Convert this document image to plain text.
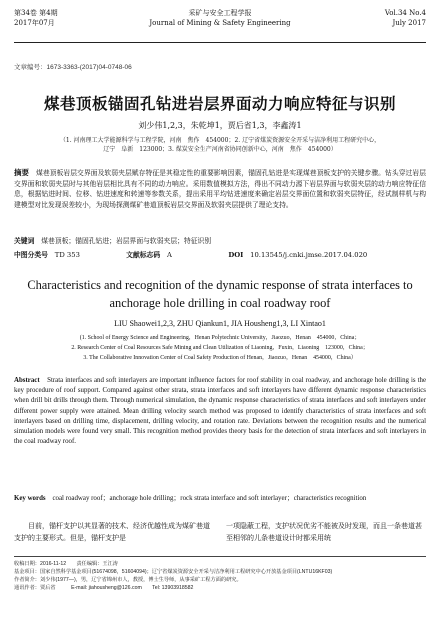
第34卷 第4期
2017年07月
采矿与安全工程学报
Journal of Mining & Safety Engineering
Vol.34 No.4
July 2017
文章编号：1673-3363-(2017)04-0748-06
煤巷顶板锚固孔钻进岩层界面动力响应特征与识别
刘少伟1,2,3，朱乾坤1，贾后省1,3，李鑫涛1
（1. 河南理工大学能源科学与工程学院，河南　焦作　454000；2. 辽宁省煤炭资源安全开采与洁净利用工程研究中心，
辽宁　阜新　123000；3. 煤炭安全生产河南省协同创新中心，河南　焦作　454000）
摘要　 煤巷顶板岩层交界面及软弱夹层赋存特征是其稳定性的重要影响因素，锚固孔钻进是实现煤巷顶板支护的关键步骤。钻头穿过岩层交界面和软弱夹层时与其他岩层相比具有不同的动力响应。采用数值模拟方法，得出不同动力源下岩层界面与软弱夹层的动力响应特征信息，根据钻进时间、位移、钻进速度和转速等参数关系，提出采用平均钻进速度来确定岩层交界面位置和软弱夹层特征，经试制样机与构建模型对比发现误差较小，为现场探测煤矿巷道顶板岩层交界面及软弱夹层提供了理论支持。
关键词　 煤巷顶板；锚固孔钻进；岩层界面与软弱夹层；特征识别
中图分类号　 TD 353	文献标志码　 A	DOI　 10.13545/j.cnki.jmse.2017.04.020
Characteristics and recognition of the dynamic response of strata interfaces to anchorage hole drilling in coal roadway roof
LIU Shaowei1,2,3, ZHU Qiankun1, JIA Housheng1,3, LI Xintao1
(1. School of Energy Science and Engineering，Henan Polytechnic University，Jiaozuo，Henan　454000，China；
2. Research Center of Coal Resources Safe Mining and Clean Utilization of Liaoning，Fuxin，Liaoning　123000，China；
3. The Collaborative Innovation Center of Coal Safety Production of Henan，Jiaozuo，Henan　454000，China）
Abstract　 Strata interfaces and soft interlayers are important influence factors for roof stability in coal roadway, and anchorage hole drilling is the key procedure of roof support. Compared against other strata, strata interfaces and soft interlayers have different dynamic response characteristics when drill bit drills through them. Through numerical simulation, the dynamic response characteristics of strata interfaces and soft interlayers under different power supply were attained. Mean drilling velocity search method was proposed to identify characteristics of strata interfaces and soft interlayers based on drilling time, displacement, drilling velocity, and rotation rate. Deviations between the recognition results and the numerical simulation models were found very small. This recognition method provides theory basis for the detection of strata interfaces and soft interlayers in the coal roadway roof.
Key words　 coal roadway roof；anchorage hole drilling；rock strata interface and soft interlayer；characteristics recognition
　　目前，锚杆支护以其显著的技术、经济优越性成为煤矿巷道支护的主要形式。但是，锚杆支护是
一项隐蔽工程，支护状况优劣不能被及时发现，而且一条巷道甚至相邻的儿条巷道设计时都采用统
收稿日期：2016-11-12　　责任编辑：王江涛
基金项目：国家自然科学基金项目(51674098，51604094)；辽宁省煤炭资源安全开采与洁净利用工程研究中心开放基金项目(LNTU16KF03)
作者简介：刘少伟(1977—)，男，辽宁省锦州市人，教授，博士生导师，从事采矿工程方面的研究。
通讯作者：贾后省　　　E-mail: jiahousheng@126.com　　Tel: 13903918582
